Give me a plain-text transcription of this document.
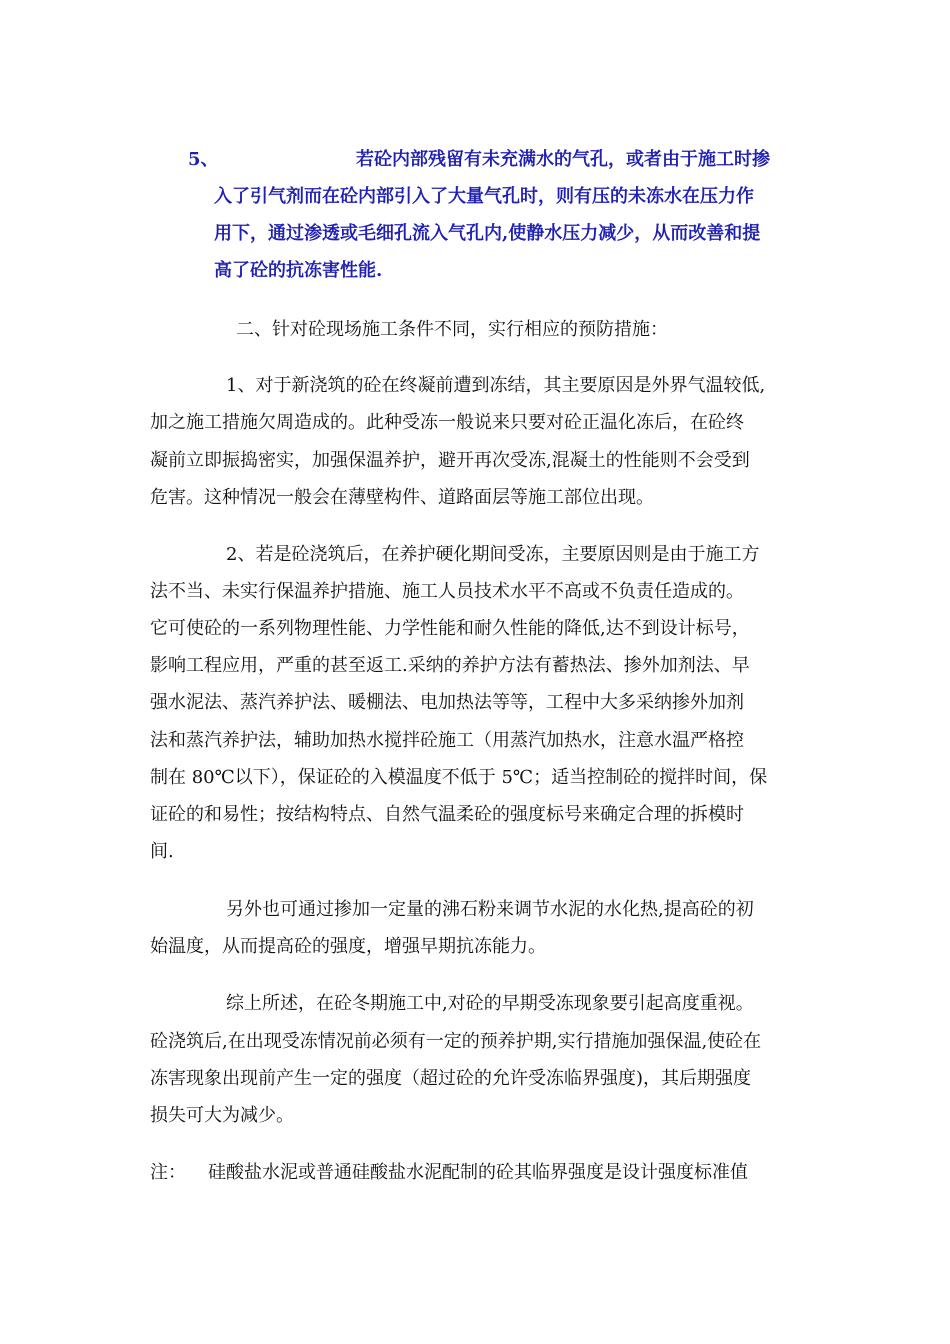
5、	若砼内部残留有未充满水的气孔，或者由于施工时掺
入了引气剂而在砼内部引入了大量气孔时，则有压的未冻水在压力作
用下，通过渗透或毛细孔流入气孔内,使静水压力减少，从而改善和提
高了砼的抗冻害性能.
二、针对砼现场施工条件不同，实行相应的预防措施：
1、对于新浇筑的砼在终凝前遭到冻结，其主要原因是外界气温较低,
加之施工措施欠周造成的。此种受冻一般说来只要对砼正温化冻后，在砼终
凝前立即振捣密实，加强保温养护，避开再次受冻,混凝土的性能则不会受到
危害。这种情况一般会在薄壁构件、道路面层等施工部位出现。
2、若是砼浇筑后，在养护硬化期间受冻，主要原因则是由于施工方
法不当、未实行保温养护措施、施工人员技术水平不高或不负责任造成的。
它可使砼的一系列物理性能、力学性能和耐久性能的降低,达不到设计标号，
影响工程应用，严重的甚至返工.采纳的养护方法有蓄热法、掺外加剂法、早
强水泥法、蒸汽养护法、暖棚法、电加热法等等，工程中大多采纳掺外加剂
法和蒸汽养护法，辅助加热水搅拌砼施工（用蒸汽加热水，注意水温严格控
制在 80℃以下），保证砼的入模温度不低于 5℃；适当控制砼的搅拌时间，保
证砼的和易性；按结构特点、自然气温柔砼的强度标号来确定合理的拆模时
间.
另外也可通过掺加一定量的沸石粉来调节水泥的水化热,提高砼的初
始温度，从而提高砼的强度，增强早期抗冻能力。
综上所述，在砼冬期施工中,对砼的早期受冻现象要引起高度重视。
砼浇筑后,在出现受冻情况前必须有一定的预养护期,实行措施加强保温,使砼在
冻害现象出现前产生一定的强度（超过砼的允许受冻临界强度)，其后期强度
损失可大为减少。
注： 硅酸盐水泥或普通硅酸盐水泥配制的砼其临界强度是设计强度标准值
